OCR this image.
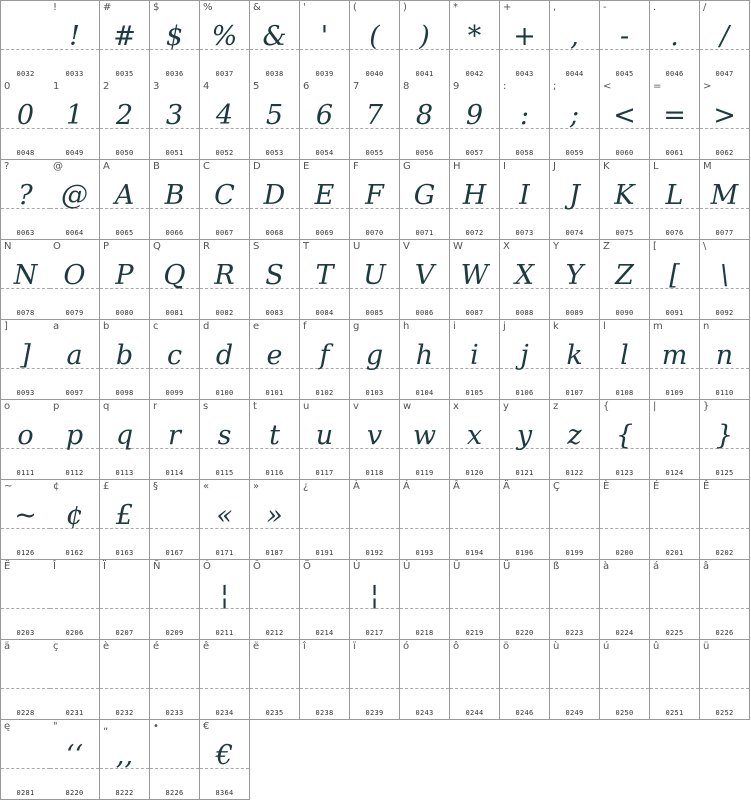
0032
!
!
0033
#
#
0035
$
$
0036
%
%
0037
&
&
0038
'
'
0039
(
(
0040
)
)
0041
*
*
0042
+
+
0043
,
,
0044
-
-
0045
.
.
0046
/
/
0047
0
0
0048
1
1
0049
2
2
0050
3
3
0051
4
4
0052
5
5
0053
6
6
0054
7
7
0055
8
8
0056
9
9
0057
:
:
0058
;
;
0059
<
<
0060
=
=
0061
>
>
0062
?
?
0063
@
@
0064
A
A
0065
B
B
0066
C
C
0067
D
D
0068
E
E
0069
F
F
0070
G
G
0071
H
H
0072
I
I
0073
J
J
0074
K
K
0075
L
L
0076
M
M
0077
N
N
0078
O
O
0079
P
P
0080
Q
Q
0081
R
R
0082
S
S
0083
T
T
0084
U
U
0085
V
V
0086
W
W
0087
X
X
0088
Y
Y
0089
Z
Z
0090
[
[
0091
\
\
0092
]
]
0093
a
a
0097
b
b
0098
c
c
0099
d
d
0100
e
e
0101
f
f
0102
g
g
0103
h
h
0104
i
i
0105
j
j
0106
k
k
0107
l
l
0108
m
m
0109
n
n
0110
o
o
0111
p
p
0112
q
q
0113
r
r
0114
s
s
0115
t
t
0116
u
u
0117
v
v
0118
w
w
0119
x
x
0120
y
y
0121
z
z
0122
{
{
0123
|
0124
}
}
0125
~
~
0126
¢
¢
0162
£
£
0163
§
0167
«
«
0171
»
»
0187
¿
0191
À
0192
Á
0193
Â
0194
Ä
0196
Ç
0199
È
0200
É
0201
Ê
0202
Ë
0203
Î
0206
Ï
0207
Ñ
0209
Ó
¦
0211
Ô
0212
Ö
0214
Ù
¦
0217
Ú
0218
Û
0219
Ü
0220
ß
0223
à
0224
á
0225
â
0226
ä
0228
ç
0231
è
0232
é
0233
ê
0234
ë
0235
î
0238
ï
0239
ó
0243
ô
0244
ö
0246
ù
0249
ú
0250
û
0251
ü
0252
ę
0281
"
‘‘
8220
„
,,
8222
•
8226
€
€
8364
